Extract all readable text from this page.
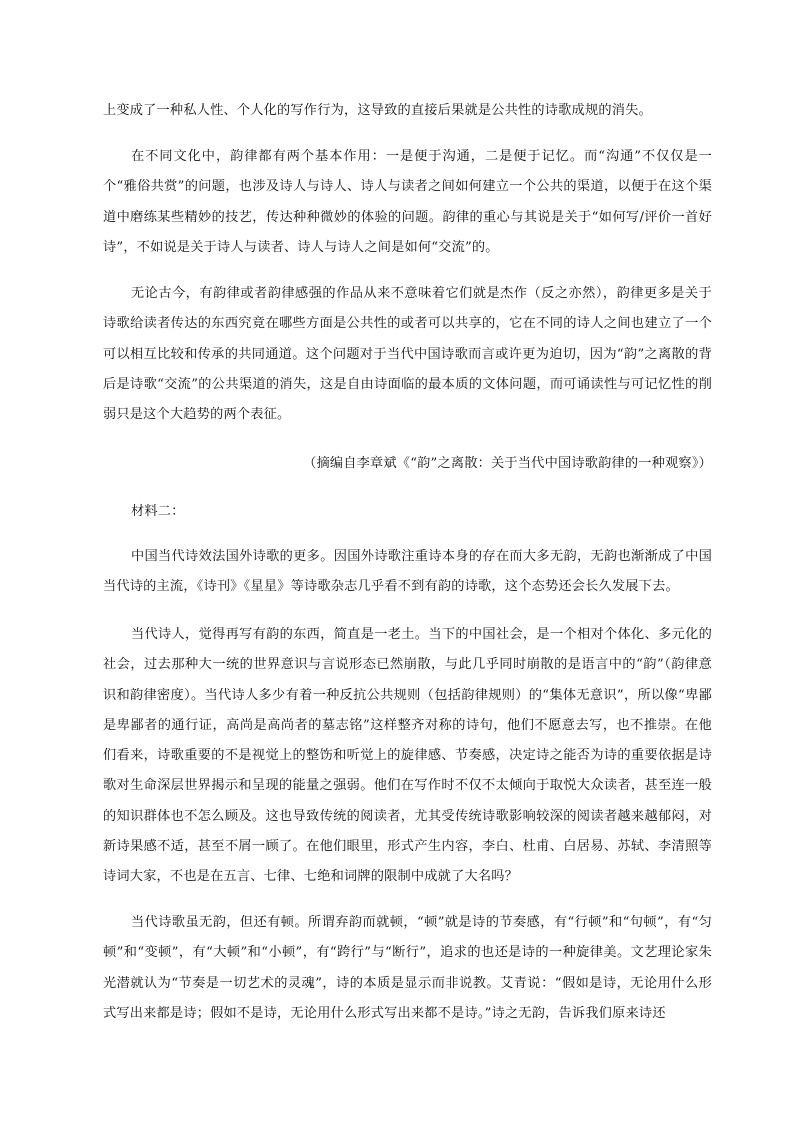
上变成了一种私人性、个人化的写作行为，这导致的直接后果就是公共性的诗歌成规的消失。

在不同文化中，韵律都有两个基本作用：一是便于沟通，二是便于记忆。而“沟通”不仅仅是一个“雅俗共赏”的问题，也涉及诗人与诗人、诗人与读者之间如何建立一个公共的渠道，以便于在这个渠道中磨练某些精妙的技艺，传达种种微妙的体验的问题。韵律的重心与其说是关于“如何写/评价一首好诗”，不如说是关于诗人与读者、诗人与诗人之间是如何“交流”的。

无论古今，有韵律或者韵律感强的作品从来不意味着它们就是杰作（反之亦然），韵律更多是关于诗歌给读者传达的东西究竟在哪些方面是公共性的或者可以共享的，它在不同的诗人之间也建立了一个可以相互比较和传承的共同通道。这个问题对于当代中国诗歌而言或许更为迫切，因为“韵”之离散的背后是诗歌“交流”的公共渠道的消失，这是自由诗面临的最本质的文体问题，而可诵读性与可记忆性的削弱只是这个大趋势的两个表征。

（摘编自李章斌《“韵”之离散：关于当代中国诗歌韵律的一种观察》）

材料二：

中国当代诗效法国外诗歌的更多。因国外诗歌注重诗本身的存在而大多无韵，无韵也渐渐成了中国当代诗的主流，《诗刊》《星星》等诗歌杂志几乎看不到有韵的诗歌，这个态势还会长久发展下去。

当代诗人，觉得再写有韵的东西，简直是一老土。当下的中国社会，是一个相对个体化、多元化的社会，过去那种大一统的世界意识与言说形态已然崩散，与此几乎同时崩散的是语言中的“韵”（韵律意识和韵律密度）。当代诗人多少有着一种反抗公共规则（包括韵律规则）的“集体无意识”，所以像“卑鄙是卑鄙者的通行证，高尚是高尚者的墓志铭”这样整齐对称的诗句，他们不愿意去写，也不推崇。在他们看来，诗歌重要的不是视觉上的整饬和听觉上的旋律感、节奏感，决定诗之能否为诗的重要依据是诗歌对生命深层世界揭示和呈现的能量之强弱。他们在写作时不仅不太倾向于取悦大众读者，甚至连一般的知识群体也不怎么顾及。这也导致传统的阅读者，尤其受传统诗歌影响较深的阅读者越来越郁闷，对新诗果感不适，甚至不屑一顾了。在他们眼里，形式产生内容，李白、杜甫、白居易、苏轼、李清照等诗词大家，不也是在五言、七律、七绝和词牌的限制中成就了大名吗？

当代诗歌虽无韵，但还有顿。所谓弃韵而就顿，“顿”就是诗的节奏感，有“行顿”和“句顿”，有“匀顿”和“变顿”，有“大顿”和“小顿”，有“跨行”与“断行”，追求的也还是诗的一种旋律美。文艺理论家朱光潜就认为“节奏是一切艺术的灵魂”，诗的本质是显示而非说教。艾青说：“假如是诗，无论用什么形式写出来都是诗；假如不是诗，无论用什么形式写出来都不是诗。”诗之无韵，告诉我们原来诗还
